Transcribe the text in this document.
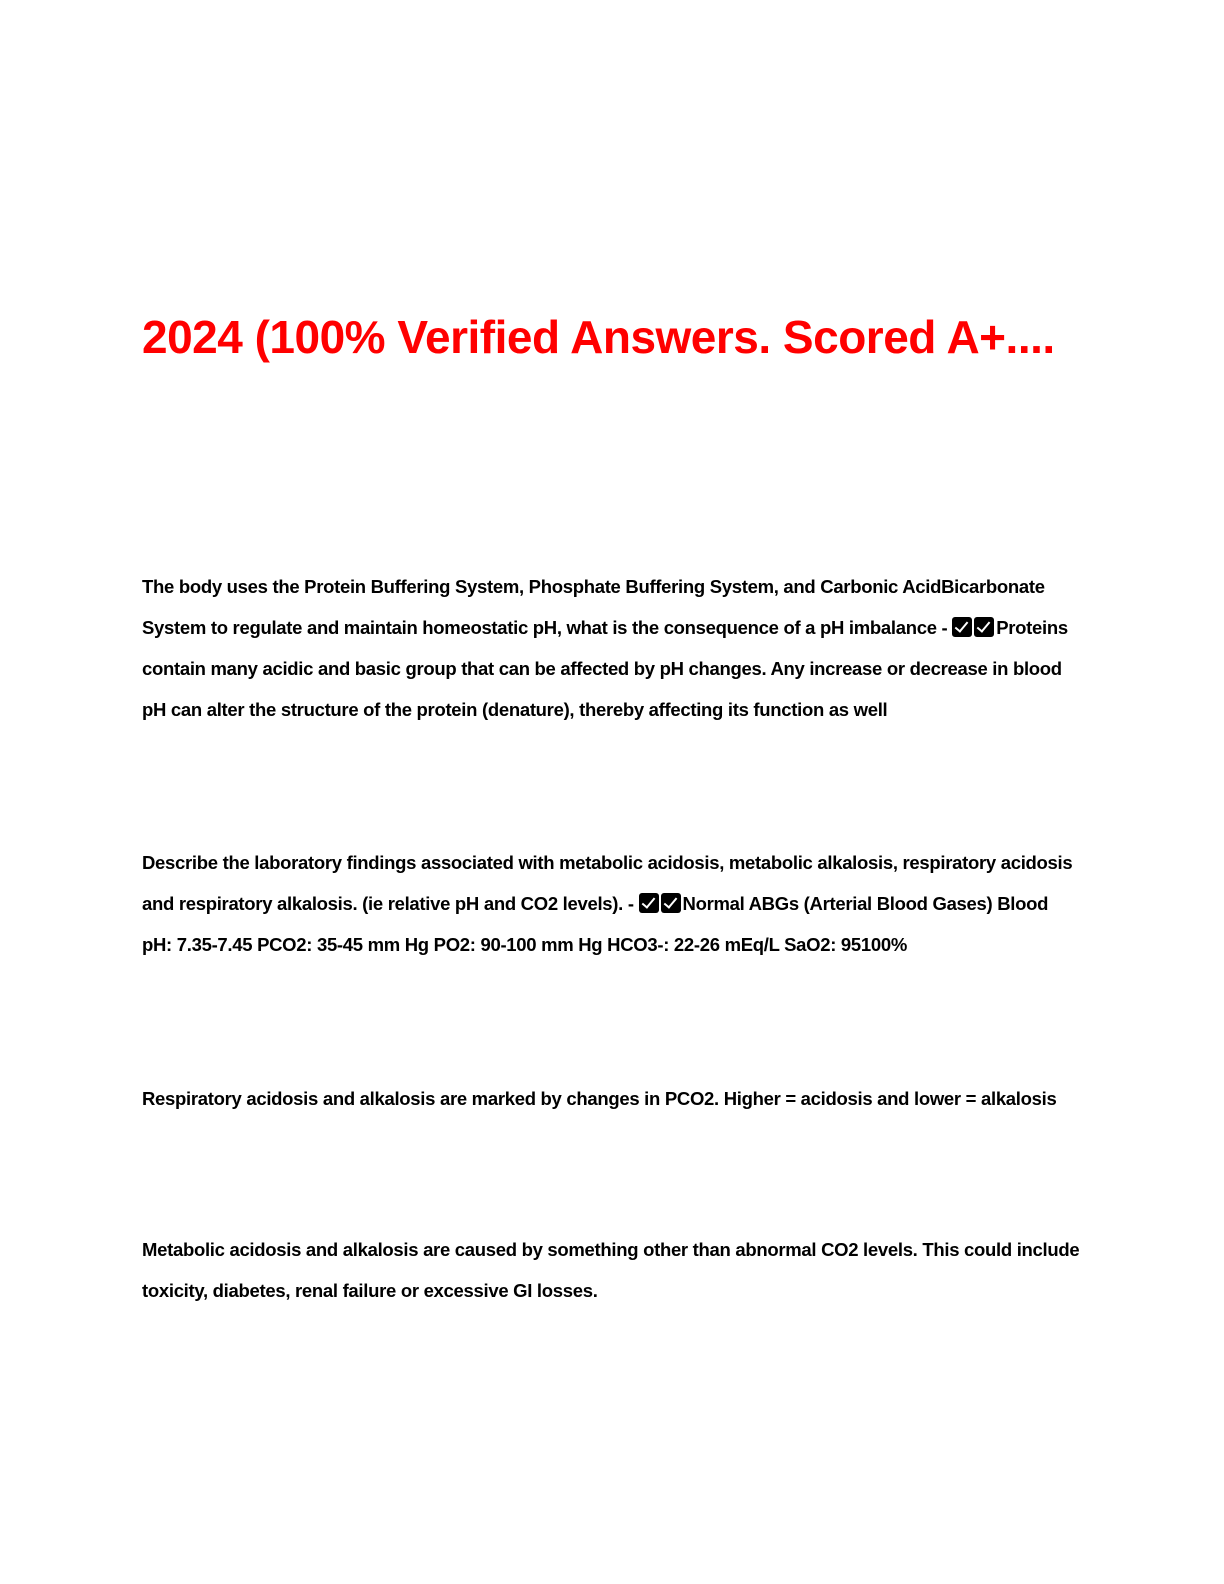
2024 (100% Verified Answers. Scored A+....

The body uses the Protein Buffering System, Phosphate Buffering System, and Carbonic AcidBicarbonate System to regulate and maintain homeostatic pH, what is the consequence of a pH imbalance -	Proteins contain many acidic and basic group that can be affected by pH changes. Any increase or decrease in blood pH can alter the structure of the protein (denature), thereby affecting its function as well

Describe the laboratory findings associated with metabolic acidosis, metabolic alkalosis, respiratory acidosis and respiratory alkalosis. (ie relative pH and CO2 levels). -	Normal ABGs (Arterial Blood Gases) Blood pH: 7.35-7.45 PCO2: 35-45 mm Hg PO2: 90-100 mm Hg HCO3-: 22-26 mEq/L SaO2: 95100%

Respiratory acidosis and alkalosis are marked by changes in PCO2. Higher = acidosis and lower = alkalosis

Metabolic acidosis and alkalosis are caused by something other than abnormal CO2 levels. This could include toxicity, diabetes, renal failure or excessive GI losses.
